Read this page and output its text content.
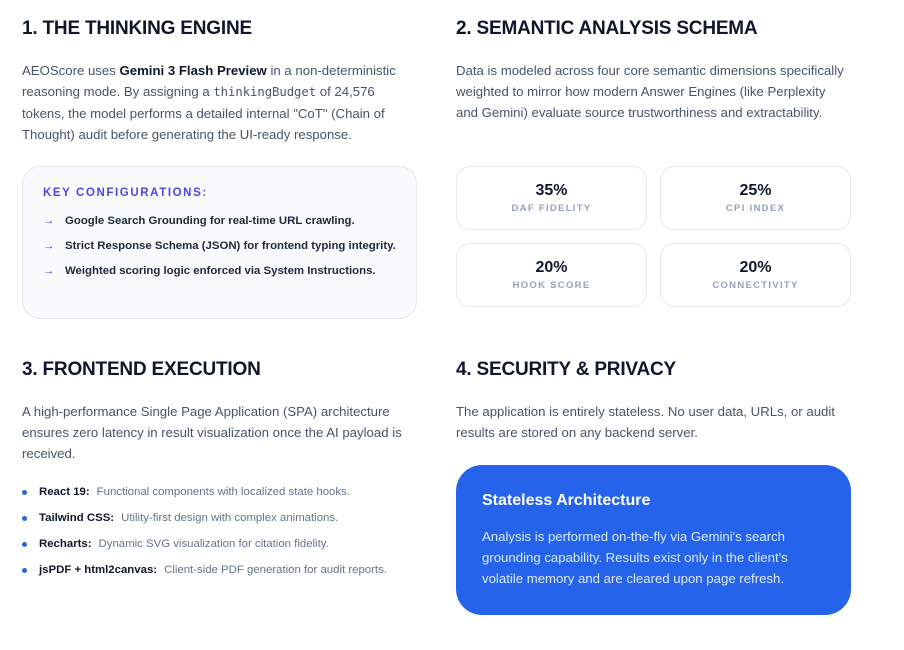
1. THE THINKING ENGINE

AEOScore uses Gemini 3 Flash Preview in a non-deterministic reasoning mode. By assigning a thinkingBudget of 24,576 tokens, the model performs a detailed internal "CoT" (Chain of Thought) audit before generating the UI-ready response.

KEY CONFIGURATIONS:
→ Google Search Grounding for real-time URL crawling.
→ Strict Response Schema (JSON) for frontend typing integrity.
→ Weighted scoring logic enforced via System Instructions.
2. SEMANTIC ANALYSIS SCHEMA

Data is modeled across four core semantic dimensions specifically weighted to mirror how modern Answer Engines (like Perplexity and Gemini) evaluate source trustworthiness and extractability.

35%
DAF FIDELITY
25%
CPI INDEX
20%
HOOK SCORE
20%
CONNECTIVITY
3. FRONTEND EXECUTION

A high-performance Single Page Application (SPA) architecture ensures zero latency in result visualization once the AI payload is received.

React 19: Functional components with localized state hooks.
Tailwind CSS: Utility-first design with complex animations.
Recharts: Dynamic SVG visualization for citation fidelity.
jsPDF + html2canvas: Client-side PDF generation for audit reports.
4. SECURITY & PRIVACY

The application is entirely stateless. No user data, URLs, or audit results are stored on any backend server.

Stateless Architecture

Analysis is performed on-the-fly via Gemini's search grounding capability. Results exist only in the client's volatile memory and are cleared upon page refresh.
